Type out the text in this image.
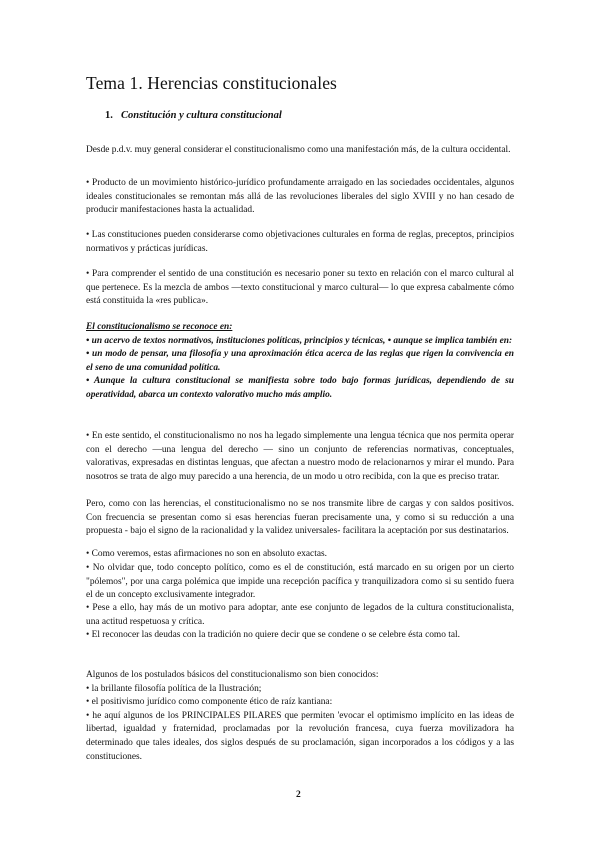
Tema 1. Herencias constitucionales
1. Constitución y cultura constitucional

Desde p.d.v. muy general considerar el constitucionalismo como una manifestación más, de la cultura occidental.

• Producto de un movimiento histórico-jurídico profundamente arraigado en las sociedades occidentales, algunos ideales constitucionales se remontan más allá de las revoluciones liberales del siglo XVIII y no han cesado de producir manifestaciones hasta la actualidad.

• Las constituciones pueden considerarse como objetivaciones culturales en forma de reglas, preceptos, principios normativos y prácticas jurídicas.

• Para comprender el sentido de una constitución es necesario poner su texto en relación con el marco cultural al que pertenece. Es la mezcla de ambos —texto constitucional y marco cultural— lo que expresa cabalmente cómo está constituida la «res publica».

El constitucionalismo se reconoce en:

• un acervo de textos normativos, instituciones políticas, principios y técnicas, • aunque se implica también en:

• un modo de pensar, una filosofía y una aproximación ética acerca de las reglas que rigen la convivencia en el seno de una comunidad política.

• Aunque la cultura constitucional se manifiesta sobre todo bajo formas jurídicas, dependiendo de su operatividad, abarca un contexto valorativo mucho más amplio.

• En este sentido, el constitucionalismo no nos ha legado simplemente una lengua técnica que nos permita operar con el derecho —una lengua del derecho — sino un conjunto de referencias normativas, conceptuales, valorativas, expresadas en distintas lenguas, que afectan a nuestro modo de relacionarnos y mirar el mundo. Para nosotros se trata de algo muy parecido a una herencia, de un modo u otro recibida, con la que es preciso tratar.

Pero, como con las herencias, el constitucionalismo no se nos transmite libre de cargas y con saldos positivos. Con frecuencia se presentan como si esas herencias fueran precisamente una, y como si su reducción a una propuesta - bajo el signo de la racionalidad y la validez universales- facilitara la aceptación por sus destinatarios.

• Como veremos, estas afirmaciones no son en absoluto exactas.

• No olvidar que, todo concepto político, como es el de constitución, está marcado en su origen por un cierto "pólemos", por una carga polémica que impide una recepción pacífica y tranquilizadora como si su sentido fuera el de un concepto exclusivamente integrador.

• Pese a ello, hay más de un motivo para adoptar, ante ese conjunto de legados de la cultura constitucionalista, una actitud respetuosa y crítica.

• El reconocer las deudas con la tradición no quiere decir que se condene o se celebre ésta como tal.

Algunos de los postulados básicos del constitucionalismo son bien conocidos:

• la brillante filosofía política de la Ilustración;

• el positivismo jurídico como componente ético de raíz kantiana:

• he aquí algunos de los PRINCIPALES PILARES que permiten 'evocar el optimismo implícito en las ideas de libertad, igualdad y fraternidad, proclamadas por la revolución francesa, cuya fuerza movilizadora ha determinado que tales ideales, dos siglos después de su proclamación, sigan incorporados a los códigos y a las constituciones.

2
